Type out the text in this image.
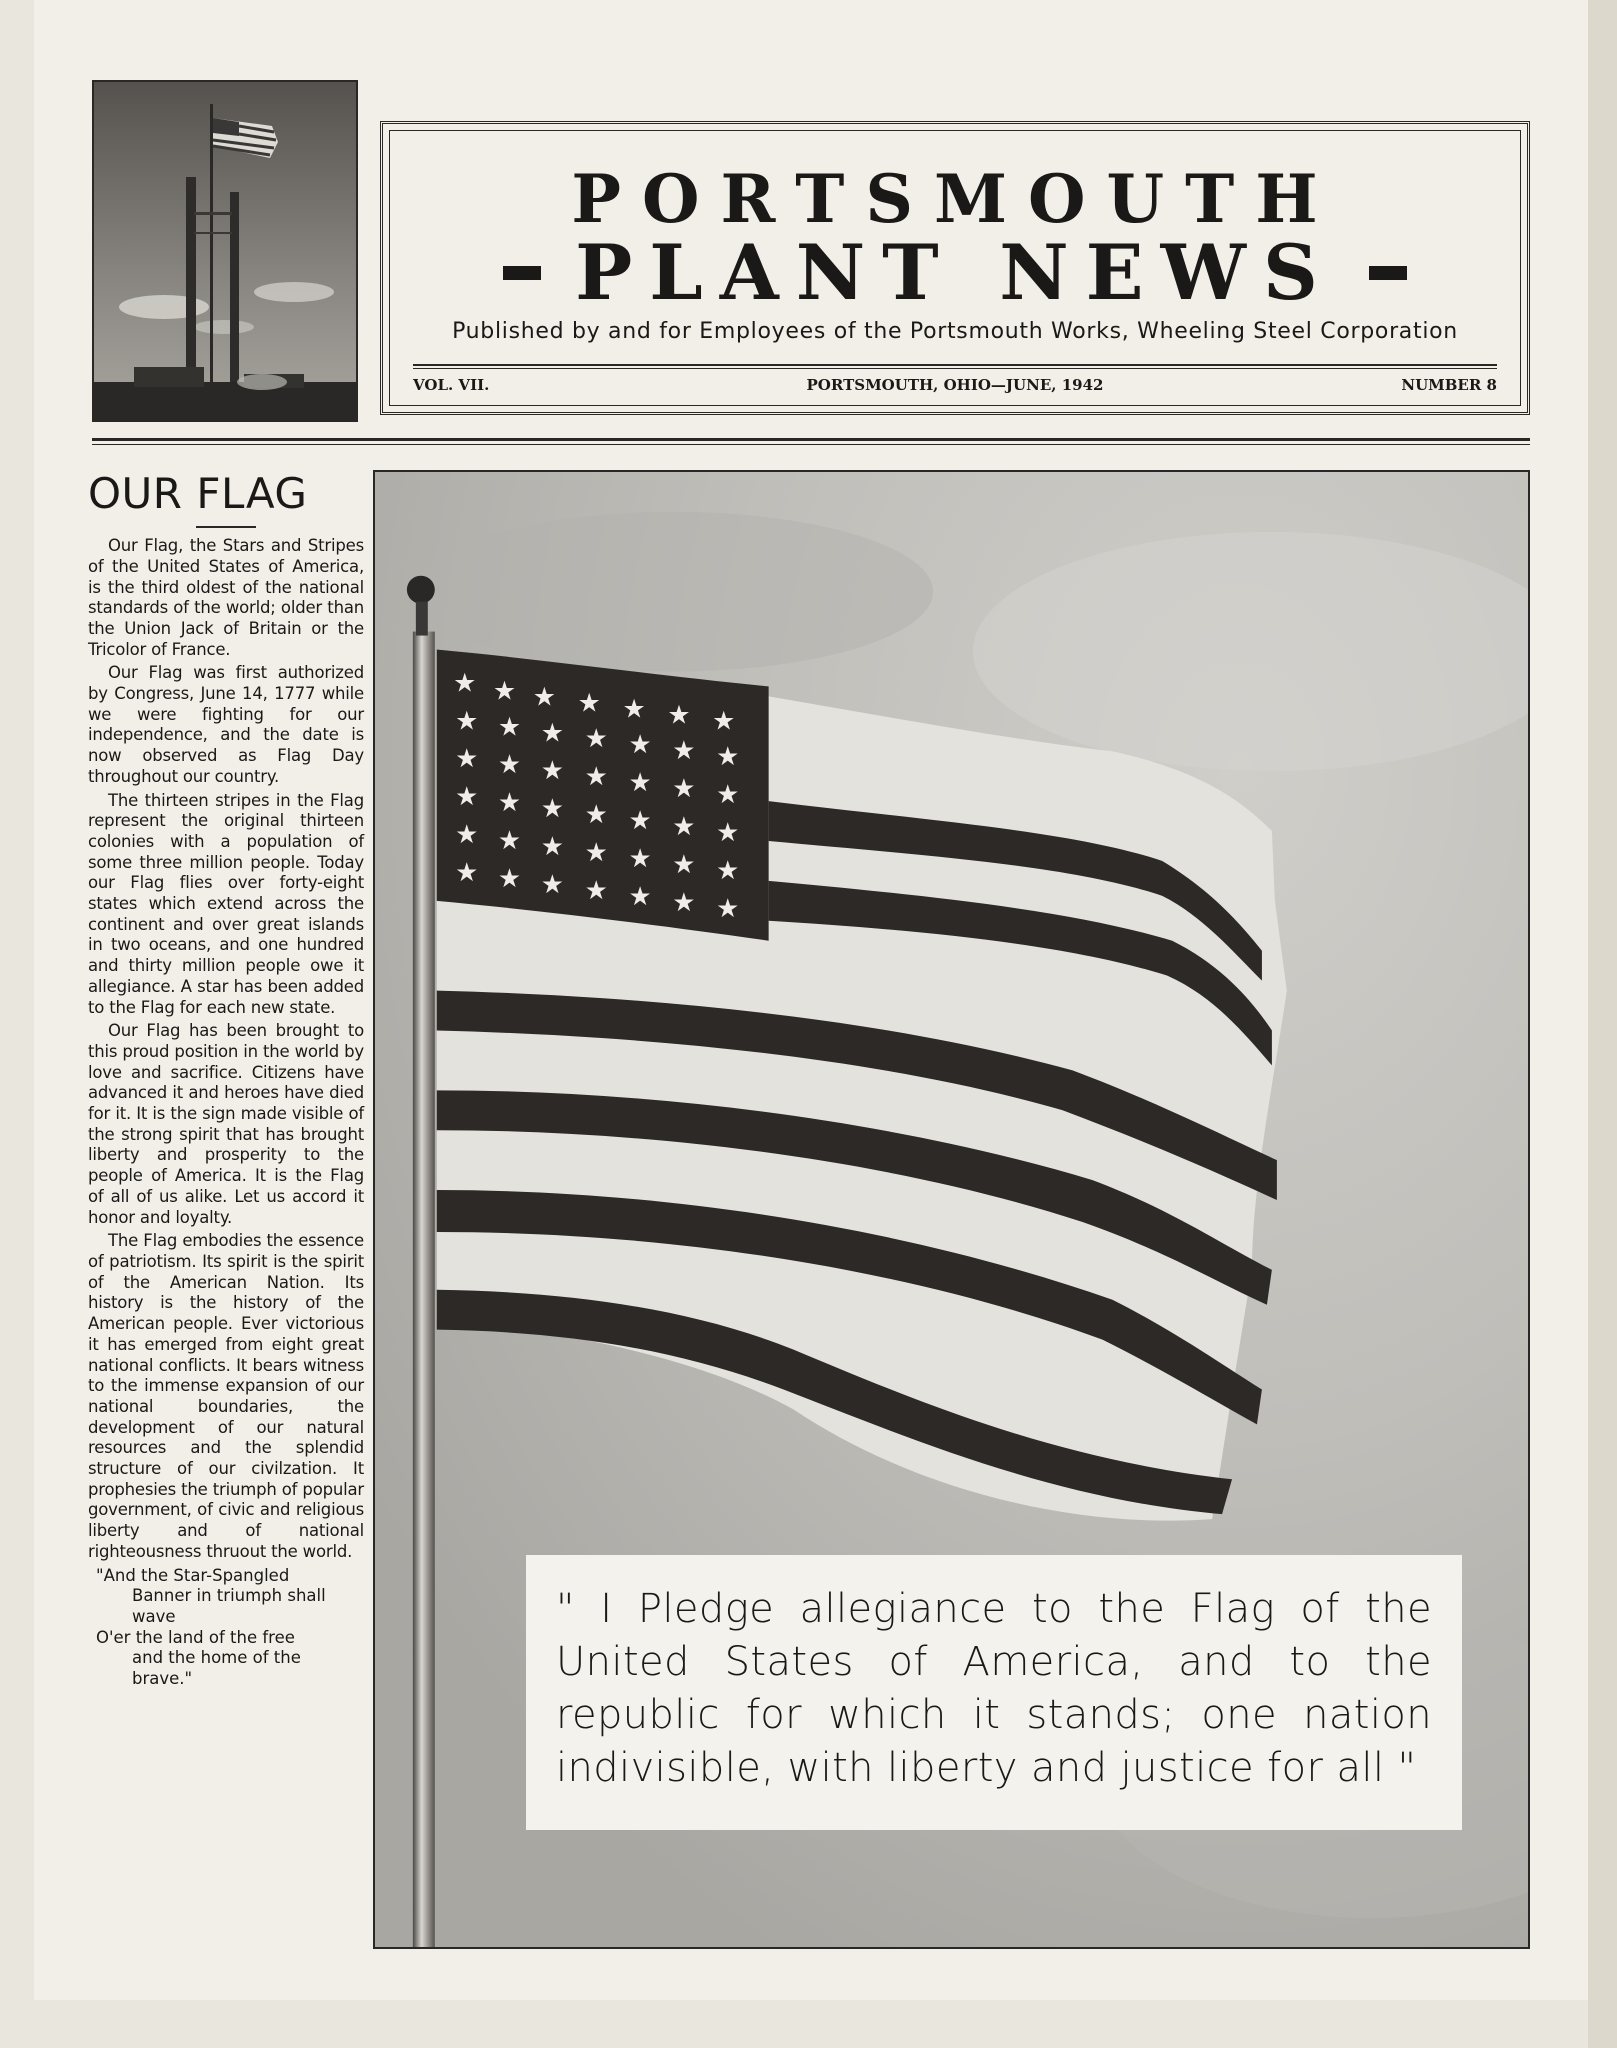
PORTSMOUTH
PLANT NEWS
Published by and for Employees of the Portsmouth Works, Wheeling Steel Corporation
VOL. VII.	PORTSMOUTH, OHIO—JUNE, 1942	NUMBER 8
OUR FLAG

Our Flag, the Stars and Stripes of the United States of America, is the third oldest of the national standards of the world; older than the Union Jack of Britain or the Tricolor of France.

Our Flag was first authorized by Congress, June 14, 1777 while we were fighting for our independence, and the date is now observed as Flag Day throughout our country.

The thirteen stripes in the Flag represent the original thirteen colonies with a population of some three million people. Today our Flag flies over forty-eight states which extend across the continent and over great islands in two oceans, and one hundred and thirty million people owe it allegiance. A star has been added to the Flag for each new state.

Our Flag has been brought to this proud position in the world by love and sacrifice. Citizens have advanced it and heroes have died for it. It is the sign made visible of the strong spirit that has brought liberty and prosperity to the people of America. It is the Flag of all of us alike. Let us accord it honor and loyalty.

The Flag embodies the essence of patriotism. Its spirit is the spirit of the American Nation. Its history is the history of the American people. Ever victorious it has emerged from eight great national conflicts. It bears witness to the immense expansion of our national boundaries, the development of our natural resources and the splendid structure of our civilzation. It prophesies the triumph of popular government, of civic and religious liberty and of national righteousness thruout the world.

"And the Star-Spangled
Banner in triumph shall wave
O'er the land of the free
and the home of the brave."
★ ★ ★ ★ ★ ★ ★
★ ★ ★ ★ ★ ★ ★
★ ★ ★ ★ ★ ★ ★
★ ★ ★ ★ ★ ★ ★
★ ★ ★ ★ ★ ★ ★
★ ★ ★ ★ ★ ★ ★
" I Pledge allegiance to the Flag of the United States of America, and to the republic for which it stands; one nation indivisible, with liberty and justice for all "
